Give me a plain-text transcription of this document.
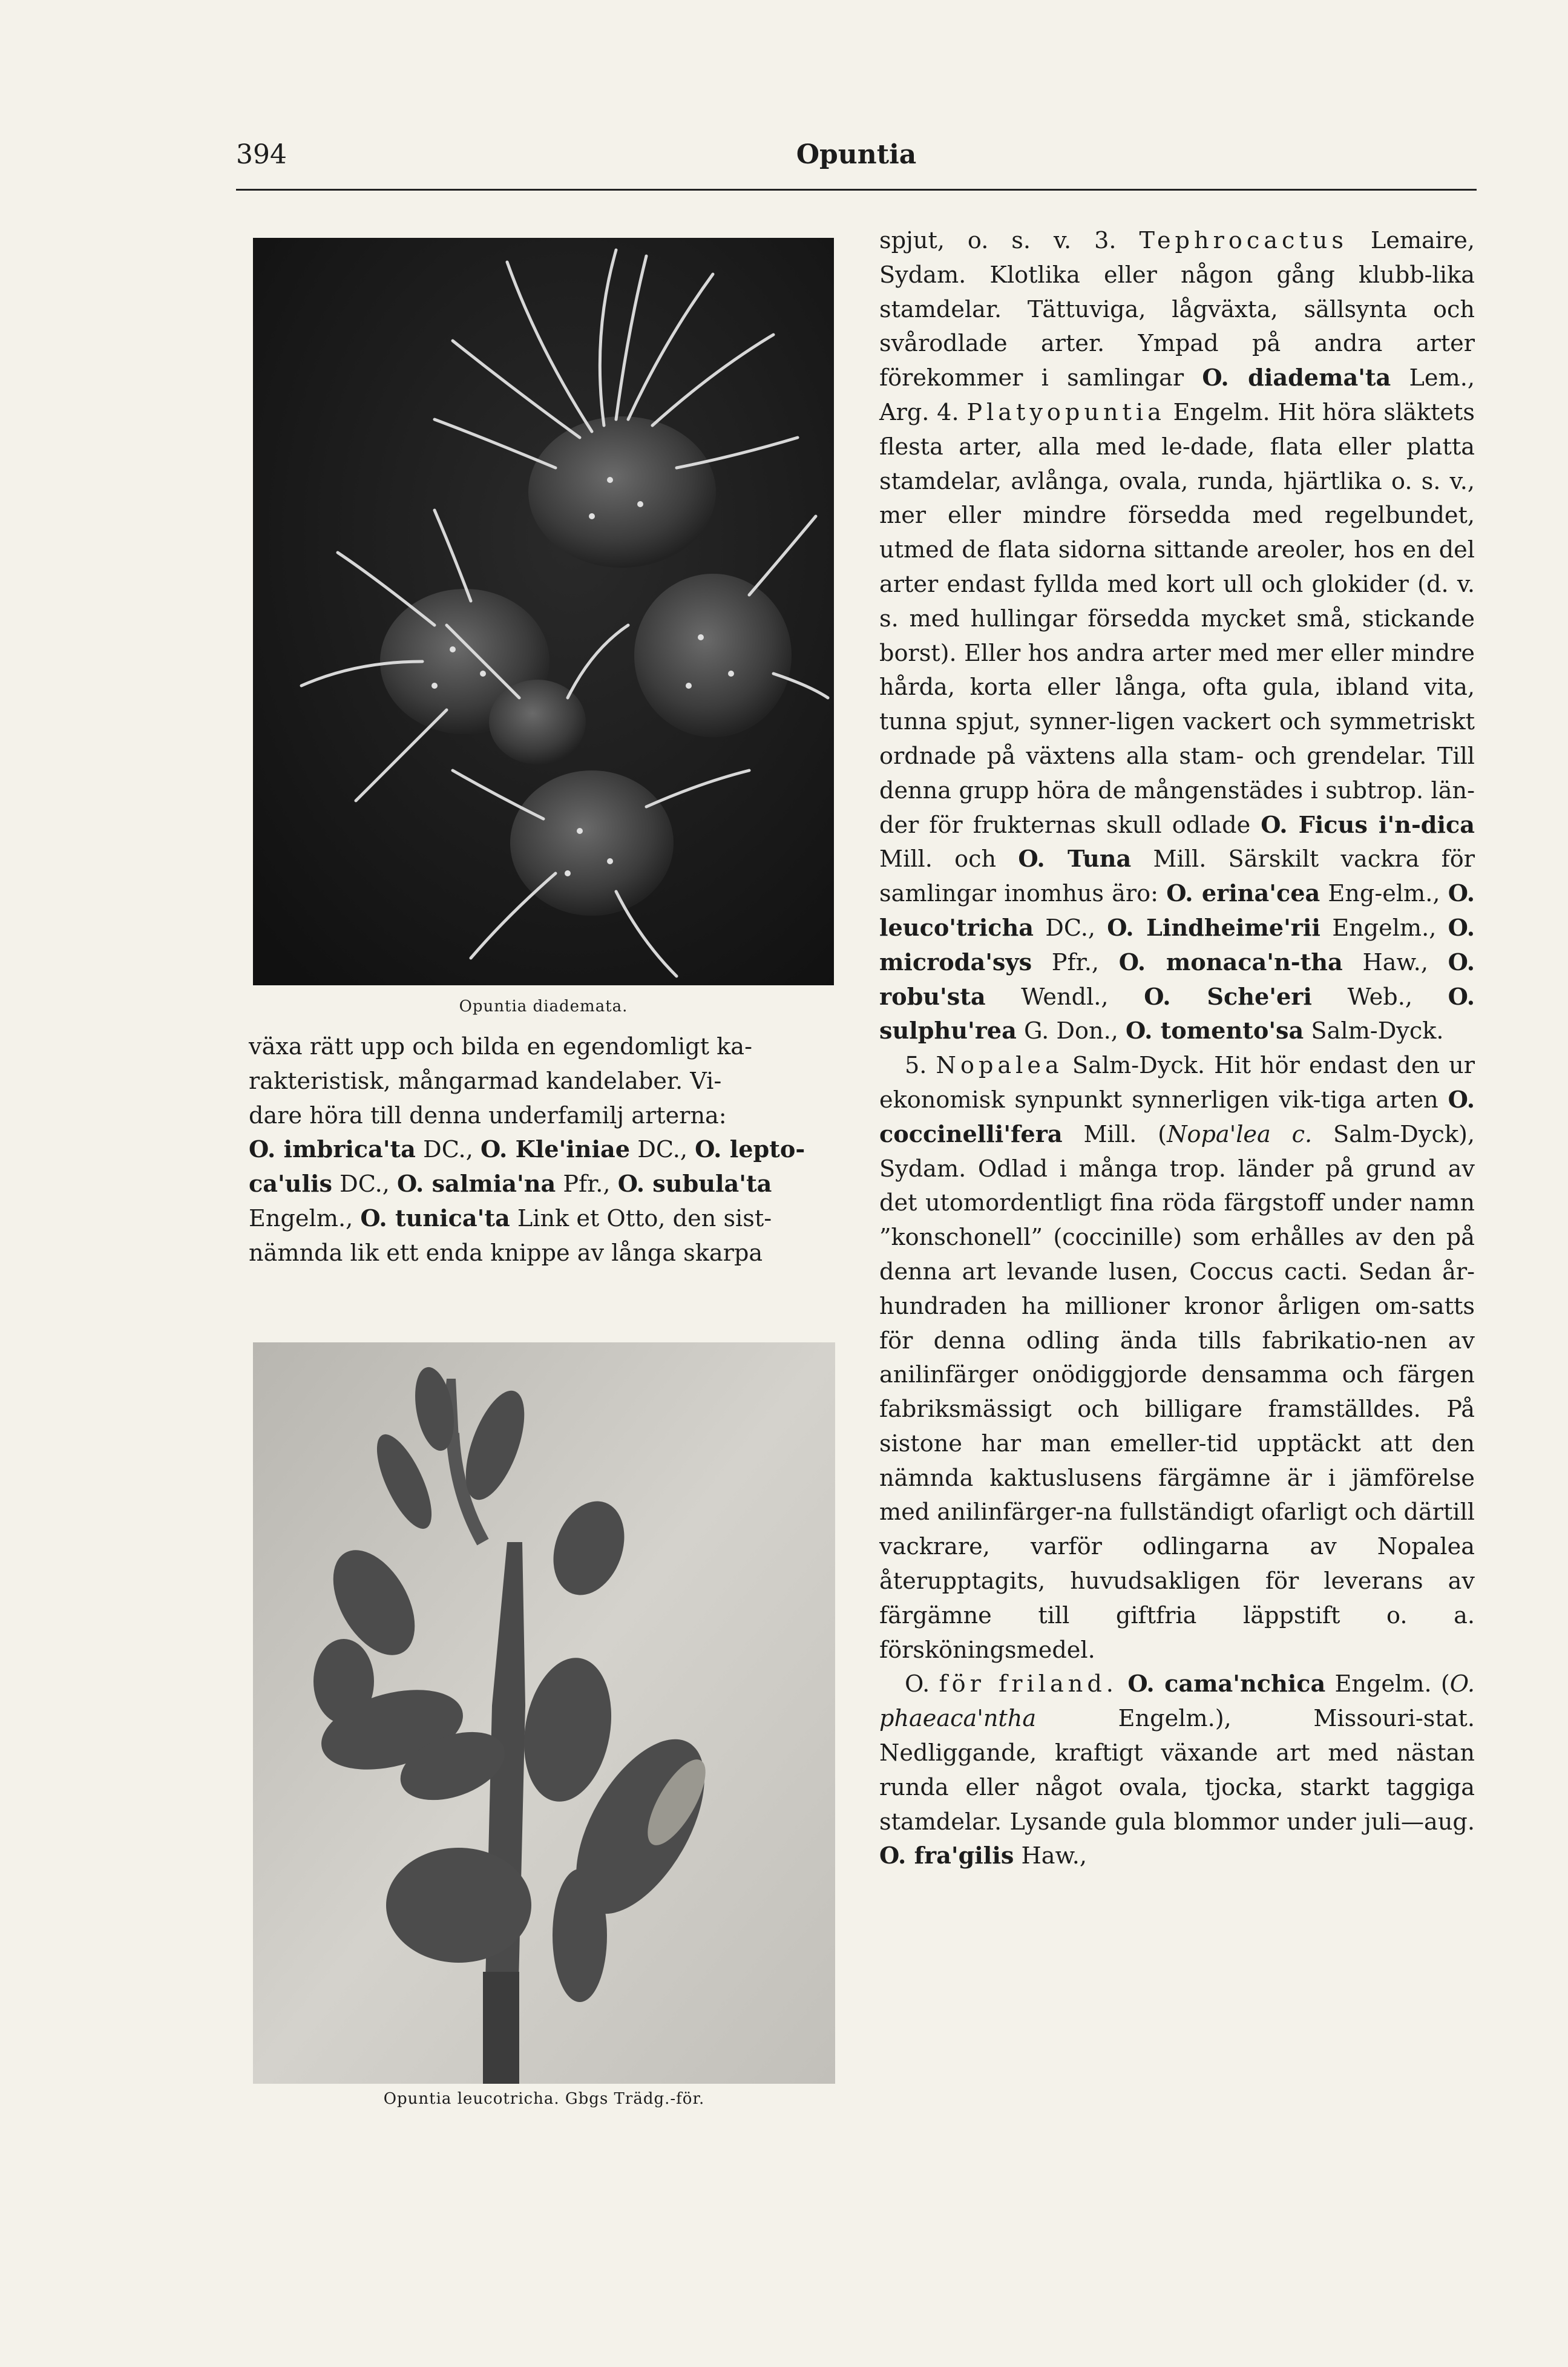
394	Opuntia
Opuntia diademata.

växa rätt upp och bilda en egendomligt ka-

rakteristisk, mångarmad kandelaber. Vi-

dare höra till denna underfamilj arterna:

O. imbrica'ta DC., O. Kle'iniae DC., O. lepto-

ca'ulis DC., O. salmia'na Pfr., O. subula'ta

Engelm., O. tunica'ta Link et Otto, den sist-

nämnda lik ett enda knippe av långa skarpa

Opuntia leucotricha. Gbgs Trädg.-för.

spjut, o. s. v. 3. Tephrocactus Lemaire, Sydam. Klotlika eller någon gång klubb-lika stamdelar. Tättuviga, lågväxta, sällsynta och svårodlade arter. Ympad på andra arter förekommer i samlingar O. diadema'ta Lem., Arg. 4. Platyopuntia Engelm. Hit höra släktets flesta arter, alla med le-dade, flata eller platta stamdelar, avlånga, ovala, runda, hjärtlika o. s. v., mer eller mindre försedda med regelbundet, utmed de flata sidorna sittande areoler, hos en del arter endast fyllda med kort ull och glokider (d. v. s. med hullingar försedda mycket små, stickande borst). Eller hos andra arter med mer eller mindre hårda, korta eller långa, ofta gula, ibland vita, tunna spjut, synner-ligen vackert och symmetriskt ordnade på växtens alla stam- och grendelar. Till denna grupp höra de mångenstädes i subtrop. län-der för frukternas skull odlade O. Ficus i'n-dica Mill. och O. Tuna Mill. Särskilt vackra för samlingar inomhus äro: O. erina'cea Eng-elm., O. leuco'tricha DC., O. Lindheime'rii Engelm., O. microda'sys Pfr., O. monaca'n-tha Haw., O. robu'sta Wendl., O. Sche'eri Web., O. sulphu'rea G. Don., O. tomento'sa Salm-Dyck.

5. Nopalea Salm-Dyck. Hit hör endast den ur ekonomisk synpunkt synnerligen vik-tiga arten O. coccinelli'fera Mill. (Nopa'lea c. Salm-Dyck), Sydam. Odlad i många trop. länder på grund av det utomordentligt fina röda färgstoff under namn ”konschonell” (coccinille) som erhålles av den på denna art levande lusen, Coccus cacti. Sedan år-hundraden ha millioner kronor årligen om-satts för denna odling ända tills fabrikatio-nen av anilinfärger onödiggjorde densamma och färgen fabriksmässigt och billigare framställdes. På sistone har man emeller-tid upptäckt att den nämnda kaktuslusens färgämne är i jämförelse med anilinfärger-na fullständigt ofarligt och därtill vackrare, varför odlingarna av Nopalea återupptagits, huvudsakligen för leverans av färgämne till giftfria läppstift o. a. försköningsmedel.

O. för friland. O. cama'nchica Engelm. (O. phaeaca'ntha Engelm.), Missouri-stat. Nedliggande, kraftigt växande art med nästan runda eller något ovala, tjocka, starkt taggiga stamdelar. Lysande gula blommor under juli—aug. O. fra'gilis Haw.,
